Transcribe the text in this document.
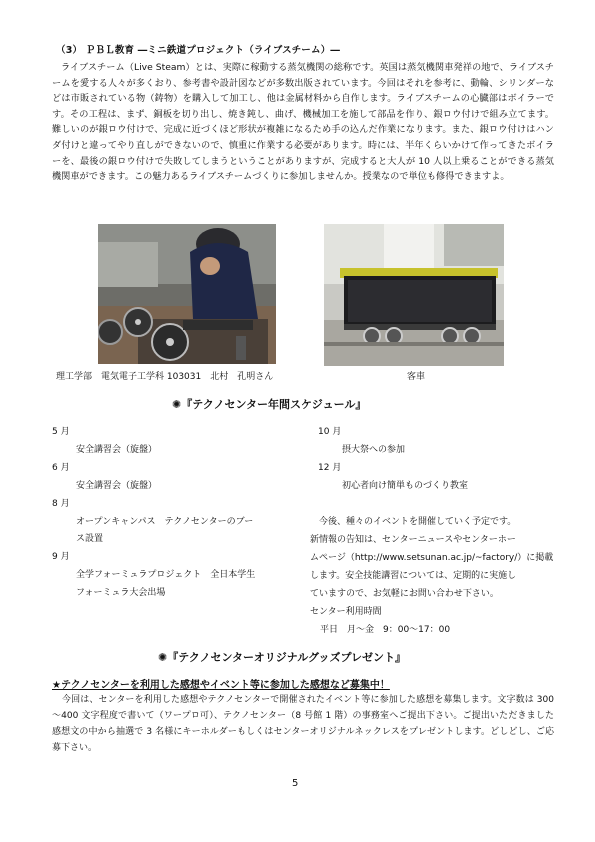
（3） ＰＢＬ教育 ―ミニ鉄道プロジェクト（ライブスチーム）―

ライブスチーム（Live Steam）とは、実際に稼動する蒸気機関の総称です。英国は蒸気機関車発祥の地で、ライブスチームを愛する人々が多くおり、参考書や設計図などが多数出版されています。今回はそれを参考に、動輪、シリンダーなどは市販されている物（鋳物）を購入して加工し、他は金属材料から自作します。ライブスチームの心臓部はボイラーです。その工程は、まず、銅板を切り出し、焼き鈍し、曲げ、機械加工を施して部品を作り、銀ロウ付けで組み立てます。難しいのが銀ロウ付けで、完成に近づくほど形状が複雑になるため手の込んだ作業になります。また、銀ロウ付けはハンダ付けと違ってやり直しができないので、慎重に作業する必要があります。時には、半年くらいかけて作ってきたボイラーを、最後の銀ロウ付けで失敗してしまうということがありますが、完成すると大人が 10 人以上乗ることができる蒸気機関車ができます。この魅力あるライブスチームづくりに参加しませんか。授業なので単位も修得できますよ。

理工学部　電気電子工学科 103031　北村　孔明さん	客車
✺『テクノセンター年間スケジュール』
5 月
安全講習会（旋盤）
6 月
安全講習会（旋盤）
8 月
オープンキャンパス　テクノセンターのブー
ス設置
9 月
全学フォーミュラプロジェクト　全日本学生
フォーミュラ大会出場
10 月
摂大祭への参加
12 月
初心者向け簡単ものづくり教室
　今後、種々のイベントを開催していく予定です。
新情報の告知は、センターニュースやセンターホー
ムページ（http://www.setsunan.ac.jp/~factory/）に掲載
します。安全技能講習については、定期的に実施し
ていますので、お気軽にお問い合わせ下さい。
センター利用時間
平日　月～金　9：00～17：00
✺『テクノセンターオリジナルグッズプレゼント』
★テクノセンターを利用した感想やイベント等に参加した感想など募集中！
今回は、センターを利用した感想やテクノセンターで開催されたイベント等に参加した感想を募集します。文字数は 300～400 文字程度で書いて（ワープロ可）、テクノセンター（8 号館 1 階）の事務室へご提出下さい。ご提出いただきました感想文の中から抽選で 3 名様にキーホルダーもしくはセンターオリジナルネックレスをプレゼントします。どしどし、ご応募下さい。
5
